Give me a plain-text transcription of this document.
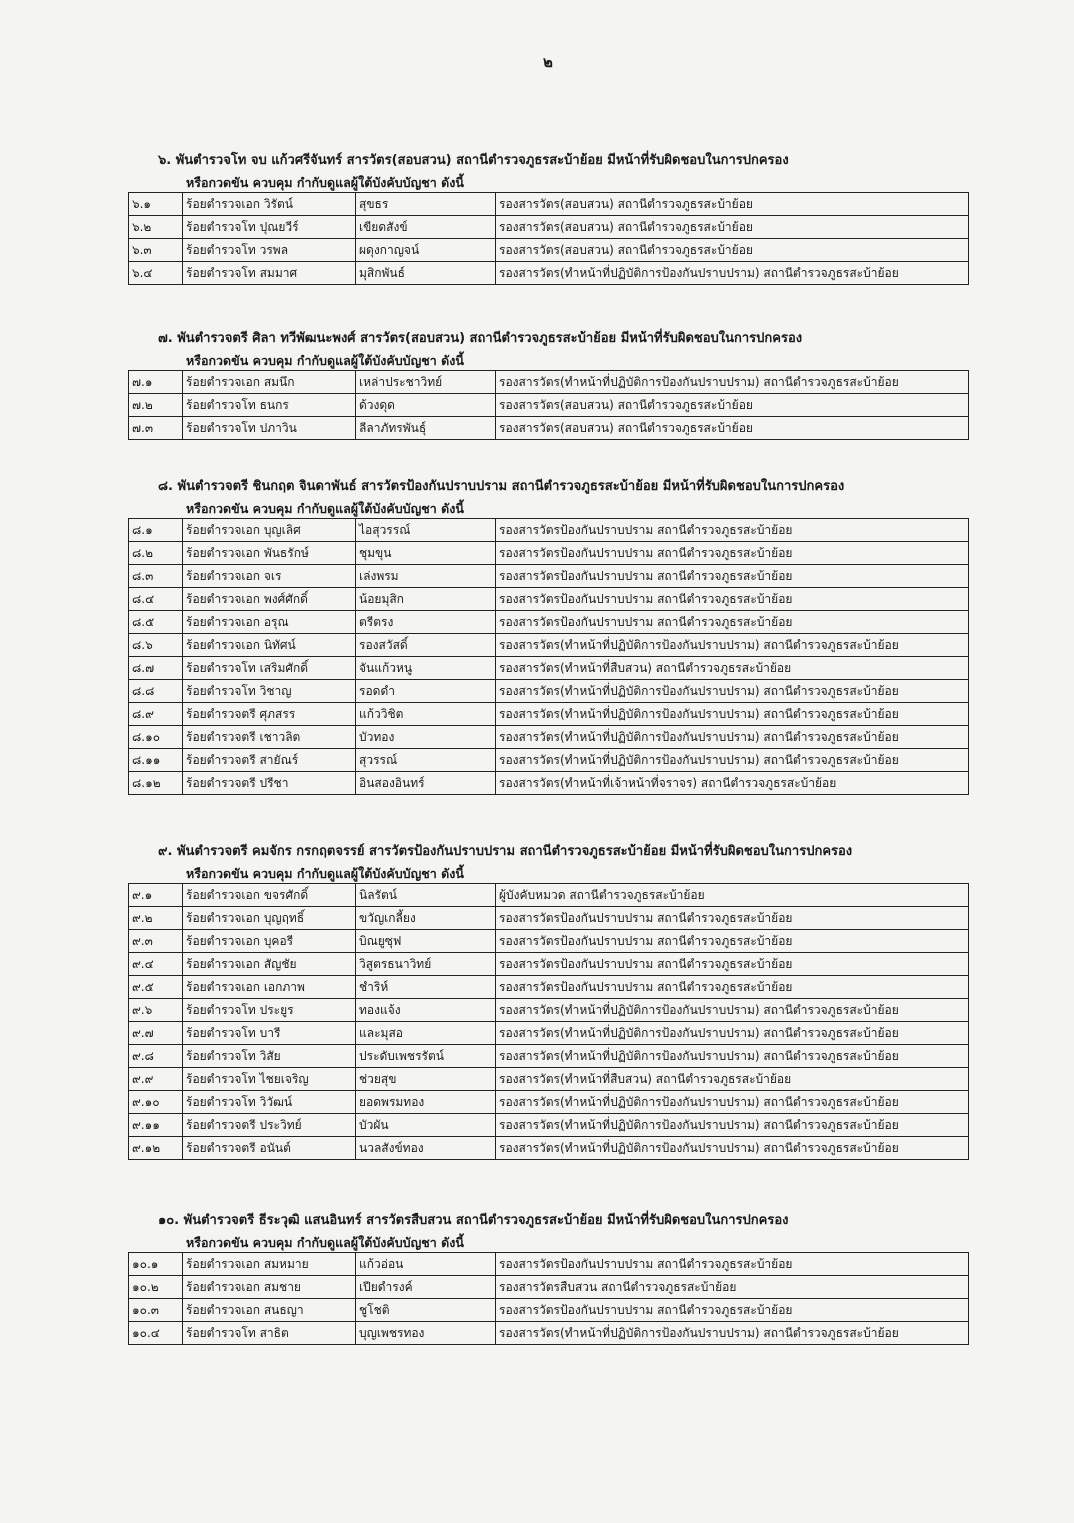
๒
๖. พันตำรวจโท จบ แก้วศรีจันทร์ สารวัตร(สอบสวน) สถานีตำรวจภูธรสะบ้าย้อย มีหน้าที่รับผิดชอบในการปกครอง
หรือกวดขัน ควบคุม กำกับดูแลผู้ใต้บังคับบัญชา ดังนี้
๖.๑	ร้อยตำรวจเอก วิรัตน์	สุขธร	รองสารวัตร(สอบสวน) สถานีตำรวจภูธรสะบ้าย้อย
๖.๒	ร้อยตำรวจโท ปุณยวีร์	เขียดสังข์	รองสารวัตร(สอบสวน) สถานีตำรวจภูธรสะบ้าย้อย
๖.๓	ร้อยตำรวจโท วรพล	ผดุงกาญจน์	รองสารวัตร(สอบสวน) สถานีตำรวจภูธรสะบ้าย้อย
๖.๔	ร้อยตำรวจโท สมมาศ	มุสิกพันธ์	รองสารวัตร(ทำหน้าที่ปฏิบัติการป้องกันปราบปราม) สถานีตำรวจภูธรสะบ้าย้อย
๗. พันตำรวจตรี ศิลา ทวีพัฒนะพงศ์ สารวัตร(สอบสวน) สถานีตำรวจภูธรสะบ้าย้อย มีหน้าที่รับผิดชอบในการปกครอง
หรือกวดขัน ควบคุม กำกับดูแลผู้ใต้บังคับบัญชา ดังนี้
๗.๑	ร้อยตำรวจเอก สมนึก	เหล่าประชาวิทย์	รองสารวัตร(ทำหน้าที่ปฏิบัติการป้องกันปราบปราม) สถานีตำรวจภูธรสะบ้าย้อย
๗.๒	ร้อยตำรวจโท ธนกร	ด้วงดุด	รองสารวัตร(สอบสวน) สถานีตำรวจภูธรสะบ้าย้อย
๗.๓	ร้อยตำรวจโท ปภาวิน	ลีลาภัทรพันธุ์	รองสารวัตร(สอบสวน) สถานีตำรวจภูธรสะบ้าย้อย
๘. พันตำรวจตรี ชินกฤต จินดาพันธ์ สารวัตรป้องกันปราบปราม สถานีตำรวจภูธรสะบ้าย้อย มีหน้าที่รับผิดชอบในการปกครอง
หรือกวดขัน ควบคุม กำกับดูแลผู้ใต้บังคับบัญชา ดังนี้
๘.๑	ร้อยตำรวจเอก บุญเลิศ	ไอสุวรรณ์	รองสารวัตรป้องกันปราบปราม สถานีตำรวจภูธรสะบ้าย้อย
๘.๒	ร้อยตำรวจเอก พันธรักษ์	ชุมขุน	รองสารวัตรป้องกันปราบปราม สถานีตำรวจภูธรสะบ้าย้อย
๘.๓	ร้อยตำรวจเอก จเร	เล่งพรม	รองสารวัตรป้องกันปราบปราม สถานีตำรวจภูธรสะบ้าย้อย
๘.๔	ร้อยตำรวจเอก พงศ์ศักดิ์	น้อยมุสิก	รองสารวัตรป้องกันปราบปราม สถานีตำรวจภูธรสะบ้าย้อย
๘.๕	ร้อยตำรวจเอก อรุณ	ตรีตรง	รองสารวัตรป้องกันปราบปราม สถานีตำรวจภูธรสะบ้าย้อย
๘.๖	ร้อยตำรวจเอก นิทัศน์	รองสวัสดิ์	รองสารวัตร(ทำหน้าที่ปฏิบัติการป้องกันปราบปราม) สถานีตำรวจภูธรสะบ้าย้อย
๘.๗	ร้อยตำรวจโท เสริมศักดิ์	จันแก้วหนู	รองสารวัตร(ทำหน้าที่สืบสวน) สถานีตำรวจภูธรสะบ้าย้อย
๘.๘	ร้อยตำรวจโท วิชาญ	รอดดำ	รองสารวัตร(ทำหน้าที่ปฏิบัติการป้องกันปราบปราม) สถานีตำรวจภูธรสะบ้าย้อย
๘.๙	ร้อยตำรวจตรี ศุภสรร	แก้ววิชิต	รองสารวัตร(ทำหน้าที่ปฏิบัติการป้องกันปราบปราม) สถานีตำรวจภูธรสะบ้าย้อย
๘.๑๐	ร้อยตำรวจตรี เชาวลิต	บัวทอง	รองสารวัตร(ทำหน้าที่ปฏิบัติการป้องกันปราบปราม) สถานีตำรวจภูธรสะบ้าย้อย
๘.๑๑	ร้อยตำรวจตรี สายัณร์	สุวรรณ์	รองสารวัตร(ทำหน้าที่ปฏิบัติการป้องกันปราบปราม) สถานีตำรวจภูธรสะบ้าย้อย
๘.๑๒	ร้อยตำรวจตรี ปรีชา	อินสองอินทร์	รองสารวัตร(ทำหน้าที่เจ้าหน้าที่จราจร) สถานีตำรวจภูธรสะบ้าย้อย
๙. พันตำรวจตรี คมจักร กรกฤตจรรย์ สารวัตรป้องกันปราบปราม สถานีตำรวจภูธรสะบ้าย้อย มีหน้าที่รับผิดชอบในการปกครอง
หรือกวดขัน ควบคุม กำกับดูแลผู้ใต้บังคับบัญชา ดังนี้
๙.๑	ร้อยตำรวจเอก ขจรศักดิ์	นิลรัตน์	ผู้บังคับหมวด สถานีตำรวจภูธรสะบ้าย้อย
๙.๒	ร้อยตำรวจเอก บุญฤทธิ์	ขวัญเกลี้ยง	รองสารวัตรป้องกันปราบปราม สถานีตำรวจภูธรสะบ้าย้อย
๙.๓	ร้อยตำรวจเอก บุคอรี	บิณยูซุฟ	รองสารวัตรป้องกันปราบปราม สถานีตำรวจภูธรสะบ้าย้อย
๙.๔	ร้อยตำรวจเอก สัญชัย	วิสูตรธนาวิทย์	รองสารวัตรป้องกันปราบปราม สถานีตำรวจภูธรสะบ้าย้อย
๙.๕	ร้อยตำรวจเอก เอกภาพ	ชำริห์	รองสารวัตรป้องกันปราบปราม สถานีตำรวจภูธรสะบ้าย้อย
๙.๖	ร้อยตำรวจโท ประยูร	ทองแจ้ง	รองสารวัตร(ทำหน้าที่ปฏิบัติการป้องกันปราบปราม) สถานีตำรวจภูธรสะบ้าย้อย
๙.๗	ร้อยตำรวจโท บารี	และมุสอ	รองสารวัตร(ทำหน้าที่ปฏิบัติการป้องกันปราบปราม) สถานีตำรวจภูธรสะบ้าย้อย
๙.๘	ร้อยตำรวจโท วิสัย	ประดับเพชรรัตน์	รองสารวัตร(ทำหน้าที่ปฏิบัติการป้องกันปราบปราม) สถานีตำรวจภูธรสะบ้าย้อย
๙.๙	ร้อยตำรวจโท ไชยเจริญ	ช่วยสุข	รองสารวัตร(ทำหน้าที่สืบสวน) สถานีตำรวจภูธรสะบ้าย้อย
๙.๑๐	ร้อยตำรวจโท วิวัฒน์	ยอดพรมทอง	รองสารวัตร(ทำหน้าที่ปฏิบัติการป้องกันปราบปราม) สถานีตำรวจภูธรสะบ้าย้อย
๙.๑๑	ร้อยตำรวจตรี ประวิทย์	บัวผัน	รองสารวัตร(ทำหน้าที่ปฏิบัติการป้องกันปราบปราม) สถานีตำรวจภูธรสะบ้าย้อย
๙.๑๒	ร้อยตำรวจตรี อนันต์	นวลสังข์ทอง	รองสารวัตร(ทำหน้าที่ปฏิบัติการป้องกันปราบปราม) สถานีตำรวจภูธรสะบ้าย้อย
๑๐. พันตำรวจตรี ธีระวุฒิ แสนอินทร์ สารวัตรสืบสวน สถานีตำรวจภูธรสะบ้าย้อย มีหน้าที่รับผิดชอบในการปกครอง
หรือกวดขัน ควบคุม กำกับดูแลผู้ใต้บังคับบัญชา ดังนี้
๑๐.๑	ร้อยตำรวจเอก สมหมาย	แก้วอ่อน	รองสารวัตรป้องกันปราบปราม สถานีตำรวจภูธรสะบ้าย้อย
๑๐.๒	ร้อยตำรวจเอก สมชาย	เปียดำรงค์	รองสารวัตรสืบสวน สถานีตำรวจภูธรสะบ้าย้อย
๑๐.๓	ร้อยตำรวจเอก สนธญา	ชูโชติ	รองสารวัตรป้องกันปราบปราม สถานีตำรวจภูธรสะบ้าย้อย
๑๐.๔	ร้อยตำรวจโท สาธิต	บุญเพชรทอง	รองสารวัตร(ทำหน้าที่ปฏิบัติการป้องกันปราบปราม) สถานีตำรวจภูธรสะบ้าย้อย
